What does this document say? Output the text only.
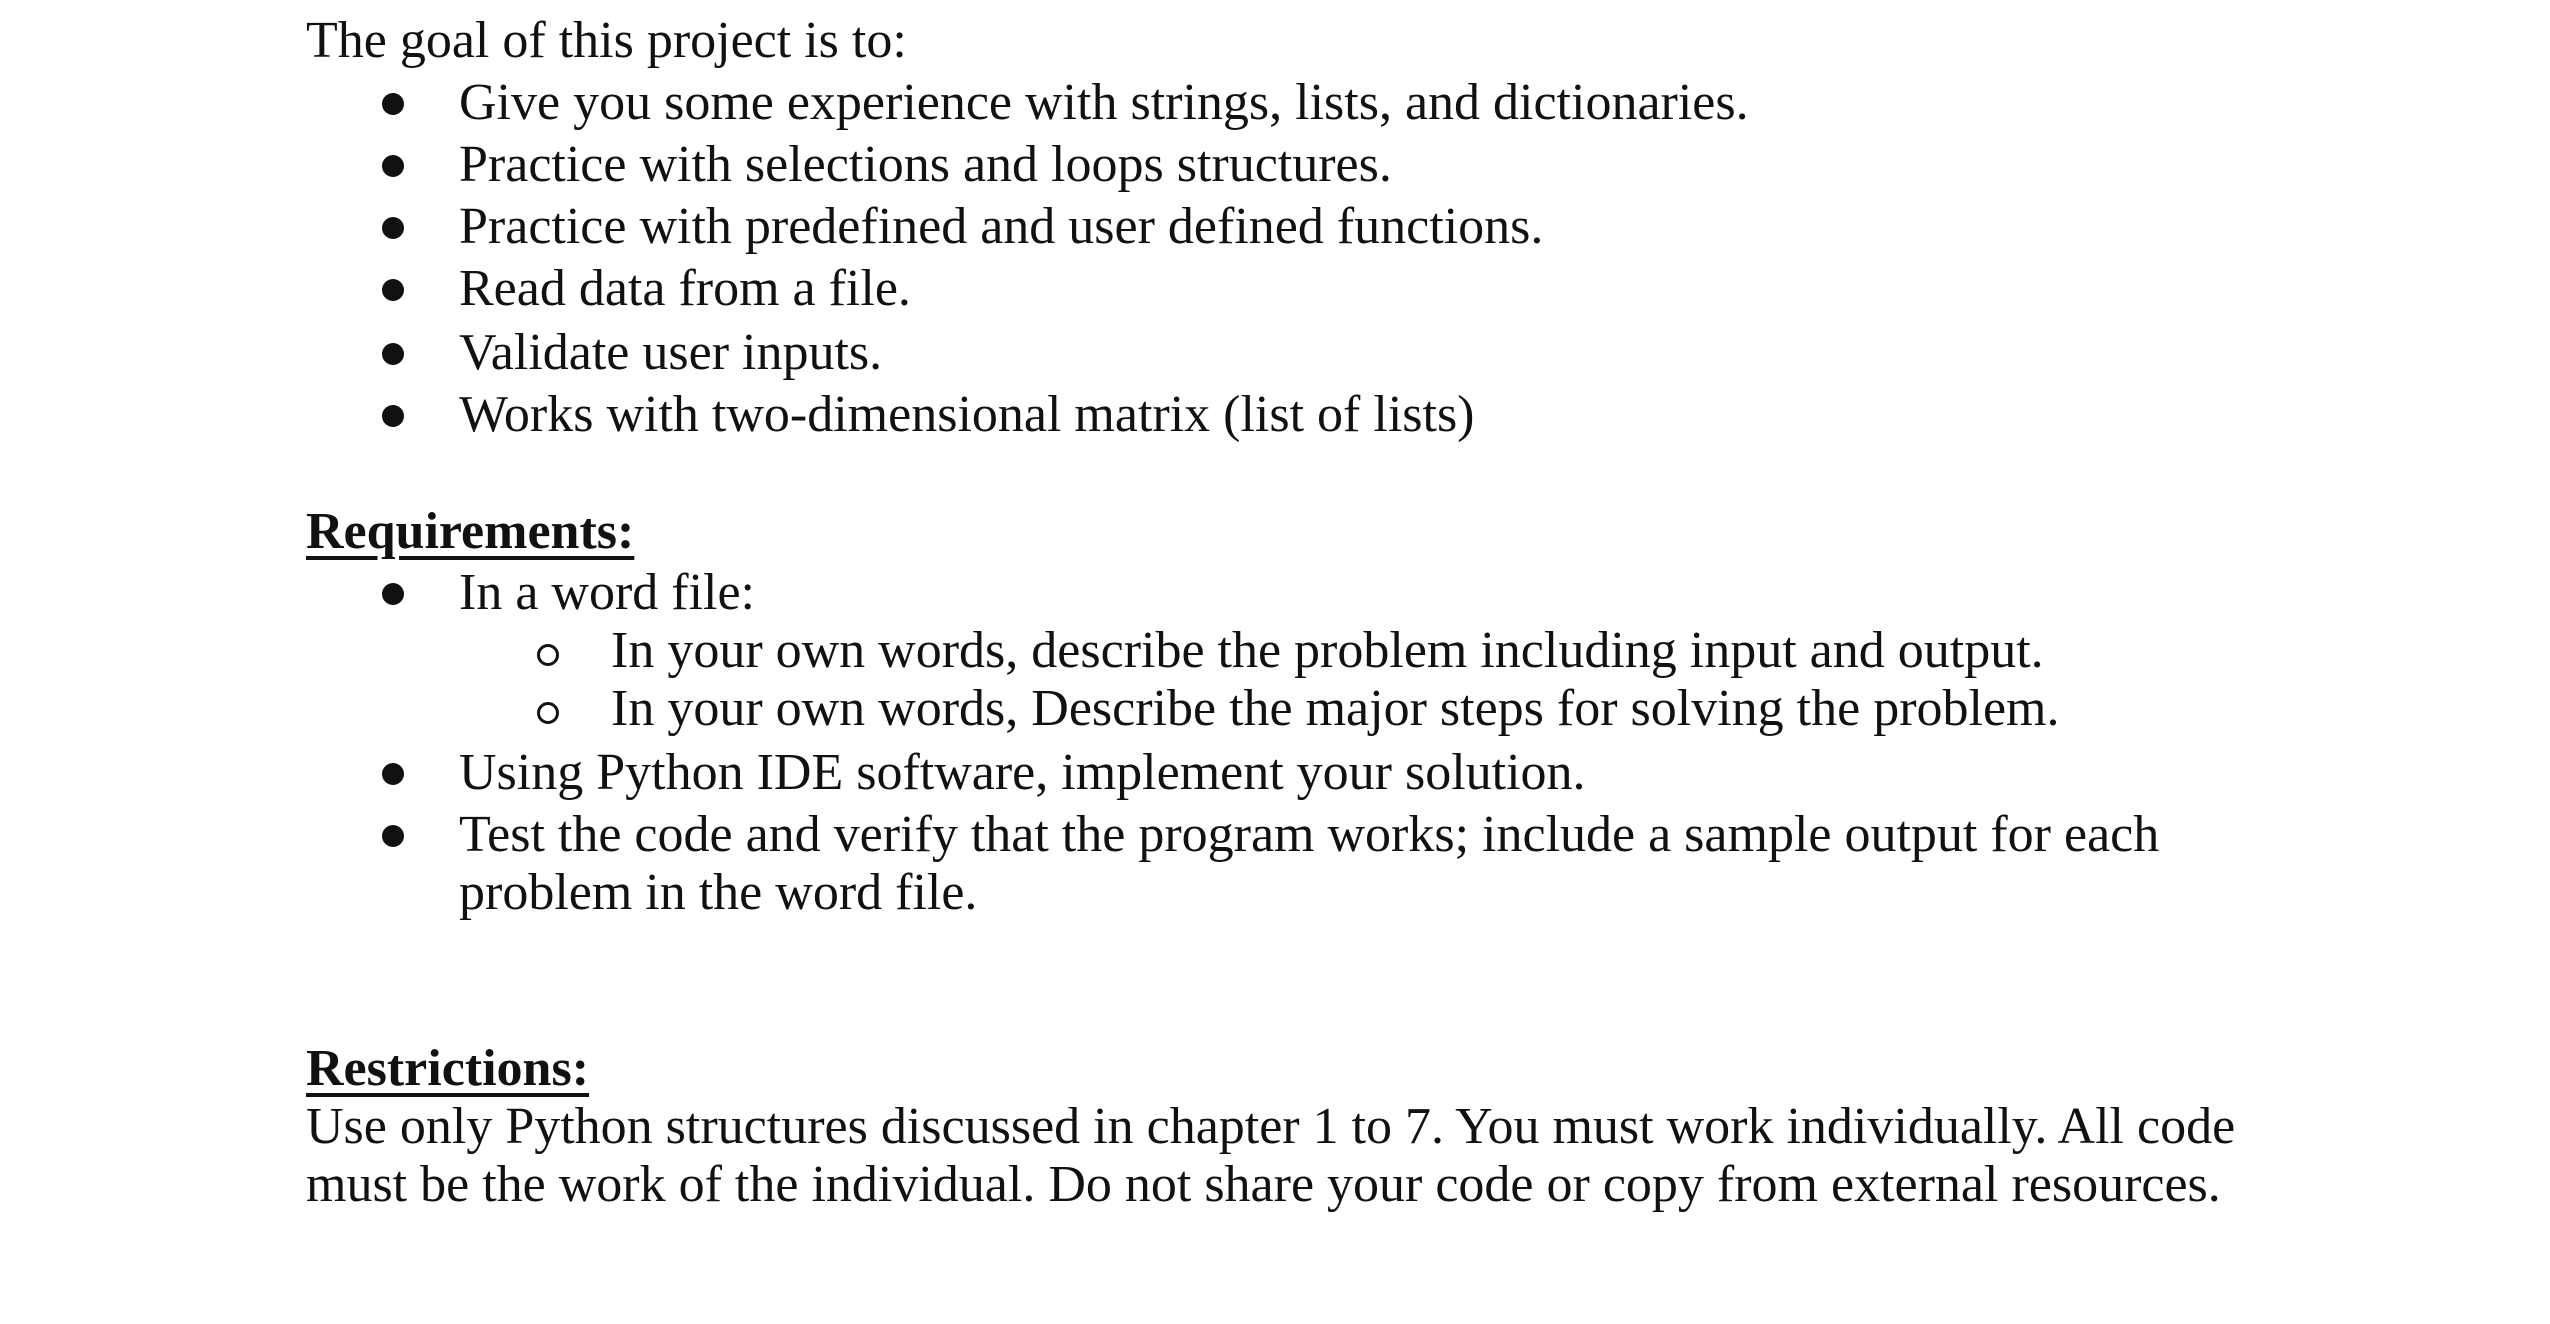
The goal of this project is to:
Give you some experience with strings, lists, and dictionaries.
Practice with selections and loops structures.
Practice with predefined and user defined functions.
Read data from a file.
Validate user inputs.
Works with two-dimensional matrix (list of lists)
Requirements:
In a word file:
In your own words, describe the problem including input and output.
In your own words, Describe the major steps for solving the problem.
Using Python IDE software, implement your solution.
Test the code and verify that the program works; include a sample output for each
problem in the word file.
Restrictions:
Use only Python structures discussed in chapter 1 to 7. You must work individually. All code
must be the work of the individual. Do not share your code or copy from external resources.
